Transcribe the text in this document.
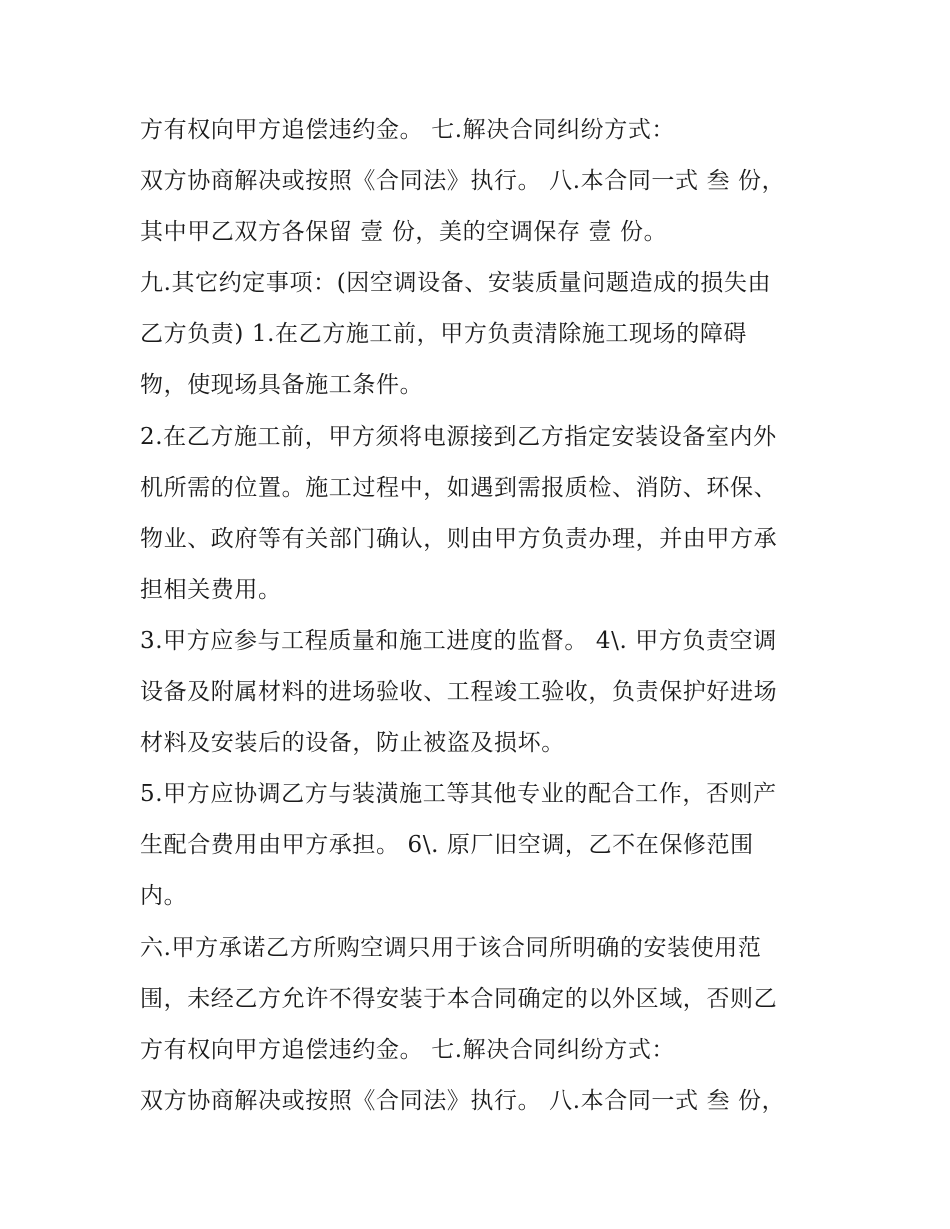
方有权向甲方追偿违约金。 七.解决合同纠纷方式：
双方协商解决或按照《合同法》执行。 八.本合同一式 叁 份，
其中甲乙双方各保留 壹 份，美的空调保存 壹 份。
九.其它约定事项：(因空调设备、安装质量问题造成的损失由
乙方负责) 1.在乙方施工前，甲方负责清除施工现场的障碍
物，使现场具备施工条件。
2.在乙方施工前，甲方须将电源接到乙方指定安装设备室内外
机所需的位置。施工过程中，如遇到需报质检、消防、环保、
物业、政府等有关部门确认，则由甲方负责办理，并由甲方承
担相关费用。
3.甲方应参与工程质量和施工进度的监督。 4\. 甲方负责空调
设备及附属材料的进场验收、工程竣工验收，负责保护好进场
材料及安装后的设备，防止被盗及损坏。
5.甲方应协调乙方与装潢施工等其他专业的配合工作，否则产
生配合费用由甲方承担。 6\. 原厂旧空调，乙不在保修范围
内。
六.甲方承诺乙方所购空调只用于该合同所明确的安装使用范
围，未经乙方允许不得安装于本合同确定的以外区域，否则乙
方有权向甲方追偿违约金。 七.解决合同纠纷方式：
双方协商解决或按照《合同法》执行。 八.本合同一式 叁 份，
